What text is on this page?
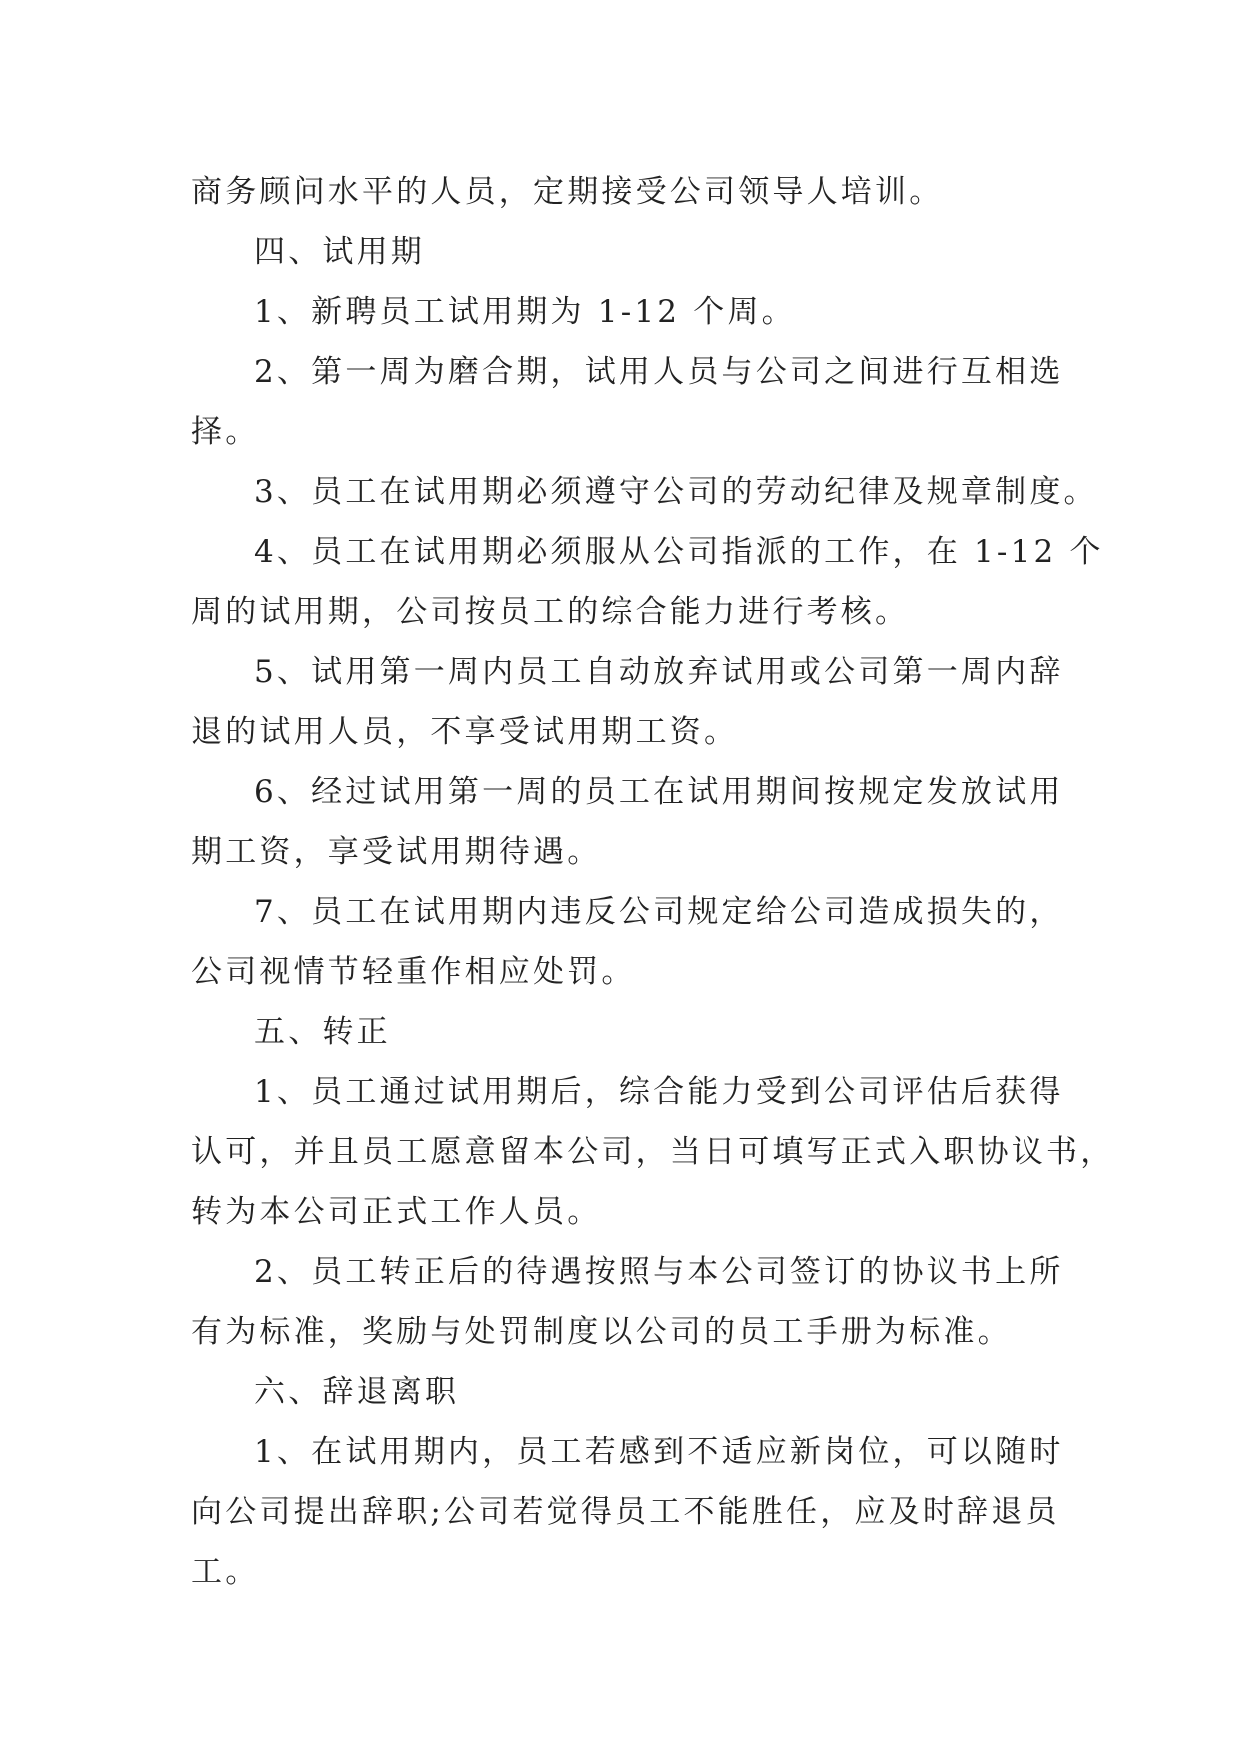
商务顾问水平的人员，定期接受公司领导人培训。
四、试用期
1、新聘员工试用期为 1-12 个周。
2、第一周为磨合期，试用人员与公司之间进行互相选
择。
3、员工在试用期必须遵守公司的劳动纪律及规章制度。
4、员工在试用期必须服从公司指派的工作，在 1-12 个
周的试用期，公司按员工的综合能力进行考核。
5、试用第一周内员工自动放弃试用或公司第一周内辞
退的试用人员，不享受试用期工资。
6、经过试用第一周的员工在试用期间按规定发放试用
期工资，享受试用期待遇。
7、员工在试用期内违反公司规定给公司造成损失的，
公司视情节轻重作相应处罚。
五、转正
1、员工通过试用期后，综合能力受到公司评估后获得
认可，并且员工愿意留本公司，当日可填写正式入职协议书，
转为本公司正式工作人员。
2、员工转正后的待遇按照与本公司签订的协议书上所
有为标准，奖励与处罚制度以公司的员工手册为标准。
六、辞退离职
1、在试用期内，员工若感到不适应新岗位，可以随时
向公司提出辞职;公司若觉得员工不能胜任，应及时辞退员
工。
